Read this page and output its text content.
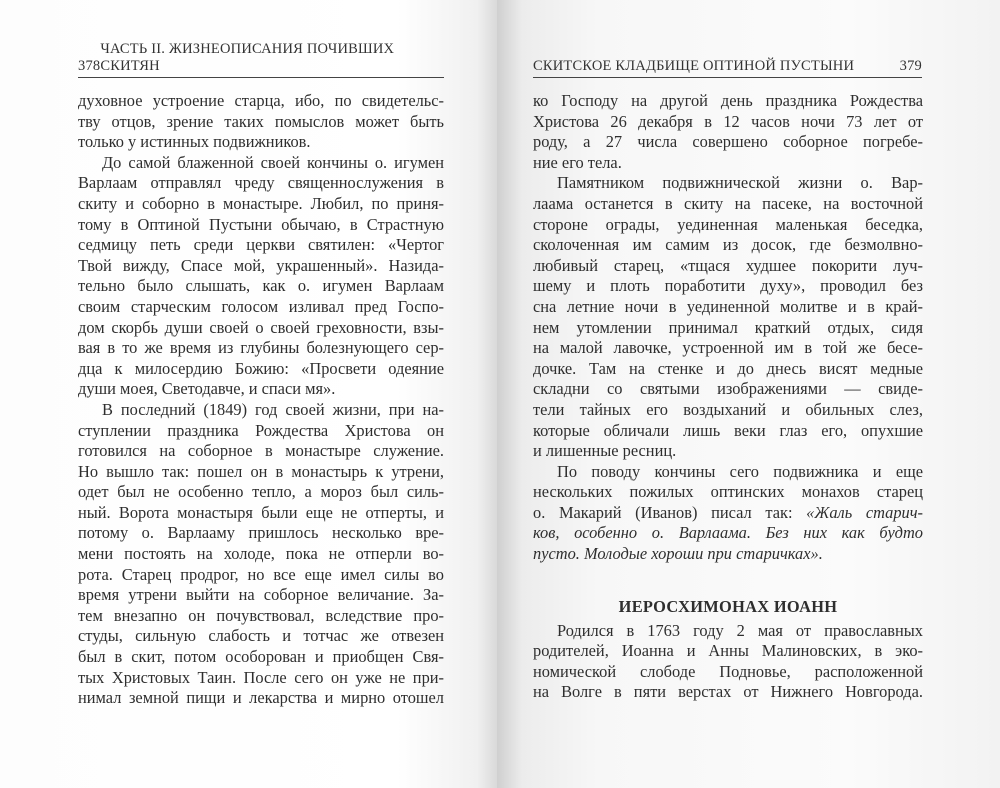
378
ЧАСТЬ II. ЖИЗНЕОПИСАНИЯ ПОЧИВШИХ СКИТЯН
духовное устроение старца, ибо, по свидетельс-
тву отцов, зрение таких помыслов может быть
только у истинных подвижников.
До самой блаженной своей кончины о. игумен
Варлаам отправлял чреду священнослужения в
скиту и соборно в монастыре. Любил, по приня-
тому в Оптиной Пустыни обычаю, в Страстную
седмицу петь среди церкви святилен: «Чертог
Твой вижду, Спасе мой, украшенный». Назида-
тельно было слышать, как о. игумен Варлаам
своим старческим голосом изливал пред Госпо-
дом скорбь души своей о своей греховности, взы-
вая в то же время из глубины болезнующего сер-
дца к милосердию Божию: «Просвети одеяние
души моея, Светодавче, и спаси мя».
В последний (1849) год своей жизни, при на-
ступлении праздника Рождества Христова он
готовился на соборное в монастыре служение.
Но вышло так: пошел он в монастырь к утрени,
одет был не особенно тепло, а мороз был силь-
ный. Ворота монастыря были еще не отперты, и
потому о. Варлааму пришлось несколько вре-
мени постоять на холоде, пока не отперли во-
рота. Старец продрог, но все еще имел силы во
время утрени выйти на соборное величание. За-
тем внезапно он почувствовал, вследствие про-
студы, сильную слабость и тотчас же отвезен
был в скит, потом особорован и приобщен Свя-
тых Христовых Таин. После сего он уже не при-
нимал земной пищи и лекарства и мирно отошел
СКИТСКОЕ КЛАДБИЩЕ ОПТИНОЙ ПУСТЫНИ	379
ко Господу на другой день праздника Рождества
Христова 26 декабря в 12 часов ночи 73 лет от
роду, а 27 числа совершено соборное погребе-
ние его тела.
Памятником подвижнической жизни о. Вар-
лаама останется в скиту на пасеке, на восточной
стороне ограды, уединенная маленькая беседка,
сколоченная им самим из досок, где безмолвно-
любивый старец, «тщася худшее покорити луч-
шему и плоть поработити духу», проводил без
сна летние ночи в уединенной молитве и в край-
нем утомлении принимал краткий отдых, сидя
на малой лавочке, устроенной им в той же бесе-
дочке. Там на стенке и до днесь висят медные
складни со святыми изображениями — свиде-
тели тайных его воздыханий и обильных слез,
которые обличали лишь веки глаз его, опухшие
и лишенные ресниц.
По поводу кончины сего подвижника и еще
нескольких пожилых оптинских монахов старец
о. Макарий (Иванов) писал так: «Жаль старич-
ков, особенно о. Варлаама. Без них как будто
пусто. Молодые хороши при старичках».
ИЕРОСХИМОНАХ ИОАНН
Родился в 1763 году 2 мая от православных
родителей, Иоанна и Анны Малиновских, в эко-
номической слободе Подновье, расположенной
на Волге в пяти верстах от Нижнего Новгорода.
